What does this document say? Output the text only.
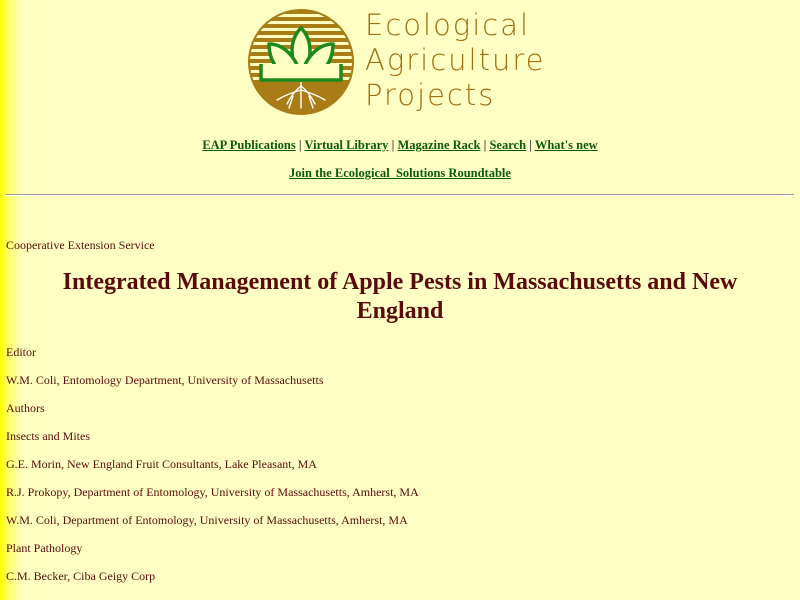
Ecological
Agriculture
Projects
EAP Publications | Virtual Library | Magazine Rack | Search | What's new
Join the Ecological  Solutions Roundtable
Cooperative Extension Service
Integrated Management of Apple Pests in Massachusetts and New England
Editor
W.M. Coli, Entomology Department, University of Massachusetts
Authors
Insects and Mites
G.E. Morin, New England Fruit Consultants, Lake Pleasant, MA
R.J. Prokopy, Department of Entomology, University of Massachusetts, Amherst, MA
W.M. Coli, Department of Entomology, University of Massachusetts, Amherst, MA
Plant Pathology
C.M. Becker, Ciba Geigy Corp
